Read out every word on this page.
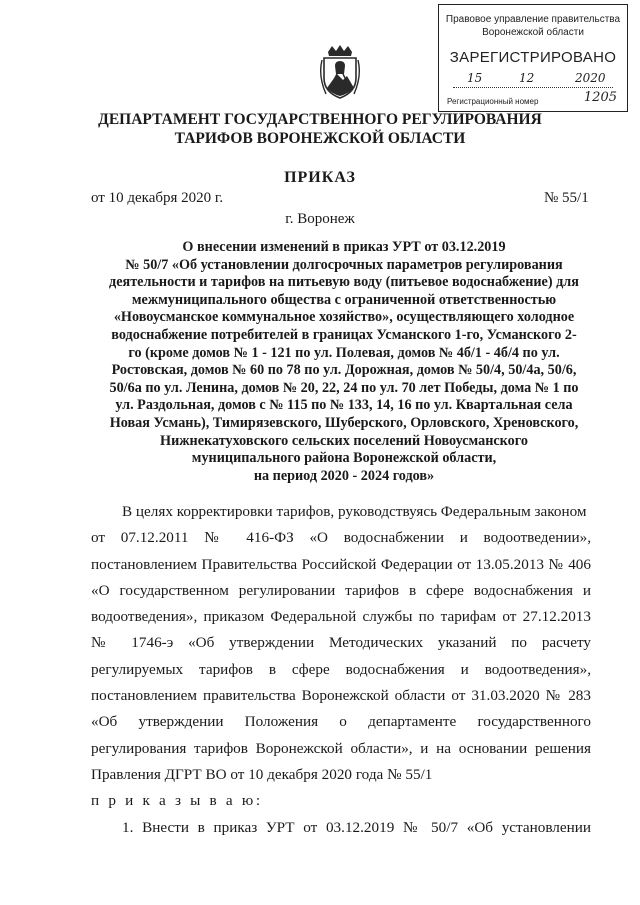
Правовое управление правительства
Воронежской области
ЗАРЕГИСТРИРОВАНО
15	12	2020
Регистрационный номер	1205
ДЕПАРТАМЕНТ ГОСУДАРСТВЕННОГО РЕГУЛИРОВАНИЯ
ТАРИФОВ ВОРОНЕЖСКОЙ ОБЛАСТИ
ПРИКАЗ
от 10 декабря 2020 г.	№ 55/1
г. Воронеж
О внесении изменений в приказ УРТ от 03.12.2019
№ 50/7 «Об установлении долгосрочных параметров регулирования
деятельности и тарифов на питьевую воду (питьевое водоснабжение) для
межмуниципального общества с ограниченной ответственностью
«Новоусманское коммунальное хозяйство», осуществляющего холодное
водоснабжение потребителей в границах Усманского 1-го, Усманского 2-
го (кроме домов № 1 - 121 по ул. Полевая, домов № 4б/1 - 4б/4 по ул.
Ростовская, домов № 60 по 78 по ул. Дорожная, домов № 50/4, 50/4а, 50/6,
50/6а по ул. Ленина, домов № 20, 22, 24 по ул. 70 лет Победы, дома № 1 по
ул. Раздольная, домов с № 115 по № 133, 14, 16 по ул. Квартальная села
Новая Усмань), Тимирязевского, Шуберского, Орловского, Хреновского,
Нижнекатуховского сельских поселений Новоусманского
муниципального района Воронежской области,
на период 2020 - 2024 годов»
В целях корректировки тарифов, руководствуясь Федеральным законом
от 07.12.2011 № 416-ФЗ «О водоснабжении и водоотведении»,
постановлением Правительства Российской Федерации от 13.05.2013 № 406
«О государственном регулировании тарифов в сфере водоснабжения и
водоотведения», приказом Федеральной службы по тарифам от 27.12.2013
№ 1746-э «Об утверждении Методических указаний по расчету
регулируемых тарифов в сфере водоснабжения и водоотведения»,
постановлением правительства Воронежской области от 31.03.2020 № 283
«Об утверждении Положения о департаменте государственного
регулирования тарифов Воронежской области», и на основании решения
Правления ДГРТ ВО от 10 декабря 2020 года № 55/1
п р и к а з ы в а ю:
1. Внести в приказ УРТ от 03.12.2019 № 50/7 «Об установлении
